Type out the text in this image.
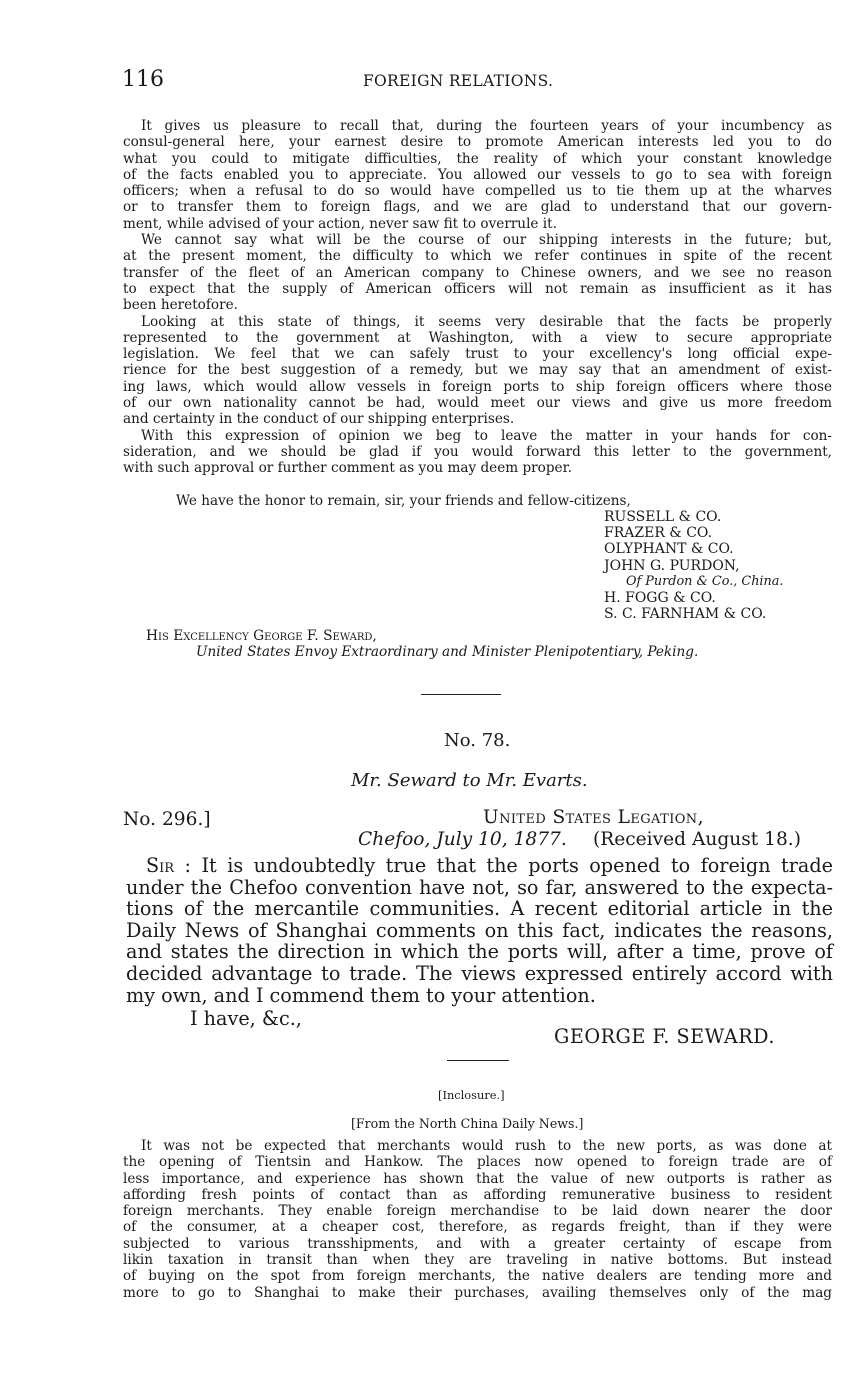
116	FOREIGN RELATIONS.

It gives us pleasure to recall that, during the fourteen years of your incumbency as
consul-general here, your earnest desire to promote American interests led you to do
what you could to mitigate difficulties, the reality of which your constant knowledge
of the facts enabled you to appreciate. You allowed our vessels to go to sea with foreign
officers; when a refusal to do so would have compelled us to tie them up at the wharves
or to transfer them to foreign flags, and we are glad to understand that our govern-
ment, while advised of your action, never saw fit to overrule it.

We cannot say what will be the course of our shipping interests in the future; but,
at the present moment, the difficulty to which we refer continues in spite of the recent
transfer of the fleet of an American company to Chinese owners, and we see no reason
to expect that the supply of American officers will not remain as insufficient as it has
been heretofore.

Looking at this state of things, it seems very desirable that the facts be properly
represented to the government at Washington, with a view to secure appropriate
legislation. We feel that we can safely trust to your excellency's long official expe-
rience for the best suggestion of a remedy, but we may say that an amendment of exist-
ing laws, which would allow vessels in foreign ports to ship foreign officers where those
of our own nationality cannot be had, would meet our views and give us more freedom
and certainty in the conduct of our shipping enterprises.

With this expression of opinion we beg to leave the matter in your hands for con-
sideration, and we should be glad if you would forward this letter to the government,
with such approval or further comment as you may deem proper.

We have the honor to remain, sir, your friends and fellow-citizens,
RUSSELL & CO.
FRAZER & CO.
OLYPHANT & CO.
JOHN G. PURDON,
Of Purdon & Co., China.
H. FOGG & CO.
S. C. FARNHAM & CO.
His Excellency George F. Seward,
United States Envoy Extraordinary and Minister Plenipotentiary, Peking.
No. 78.
Mr. Seward to Mr. Evarts.
No. 296.]	United States Legation,
Chefoo, July 10, 1877. (Received August 18.)
Sir : It is undoubtedly true that the ports opened to foreign trade
under the Chefoo convention have not, so far, answered to the expecta-
tions of the mercantile communities. A recent editorial article in the
Daily News of Shanghai comments on this fact, indicates the reasons,
and states the direction in which the ports will, after a time, prove of
decided advantage to trade. The views expressed entirely accord with
my own, and I commend them to your attention.
I have, &c.,
GEORGE F. SEWARD.
[Inclosure.]
[From the North China Daily News.]
It was not be expected that merchants would rush to the new ports, as was done at
the opening of Tientsin and Hankow. The places now opened to foreign trade are of
less importance, and experience has shown that the value of new outports is rather as
affording fresh points of contact than as affording remunerative business to resident
foreign merchants. They enable foreign merchandise to be laid down nearer the door
of the consumer, at a cheaper cost, therefore, as regards freight, than if they were
subjected to various transshipments, and with a greater certainty of escape from
likin taxation in transit than when they are traveling in native bottoms. But instead
of buying on the spot from foreign merchants, the native dealers are tending more and
more to go to Shanghai to make their purchases, availing themselves only of the mag
